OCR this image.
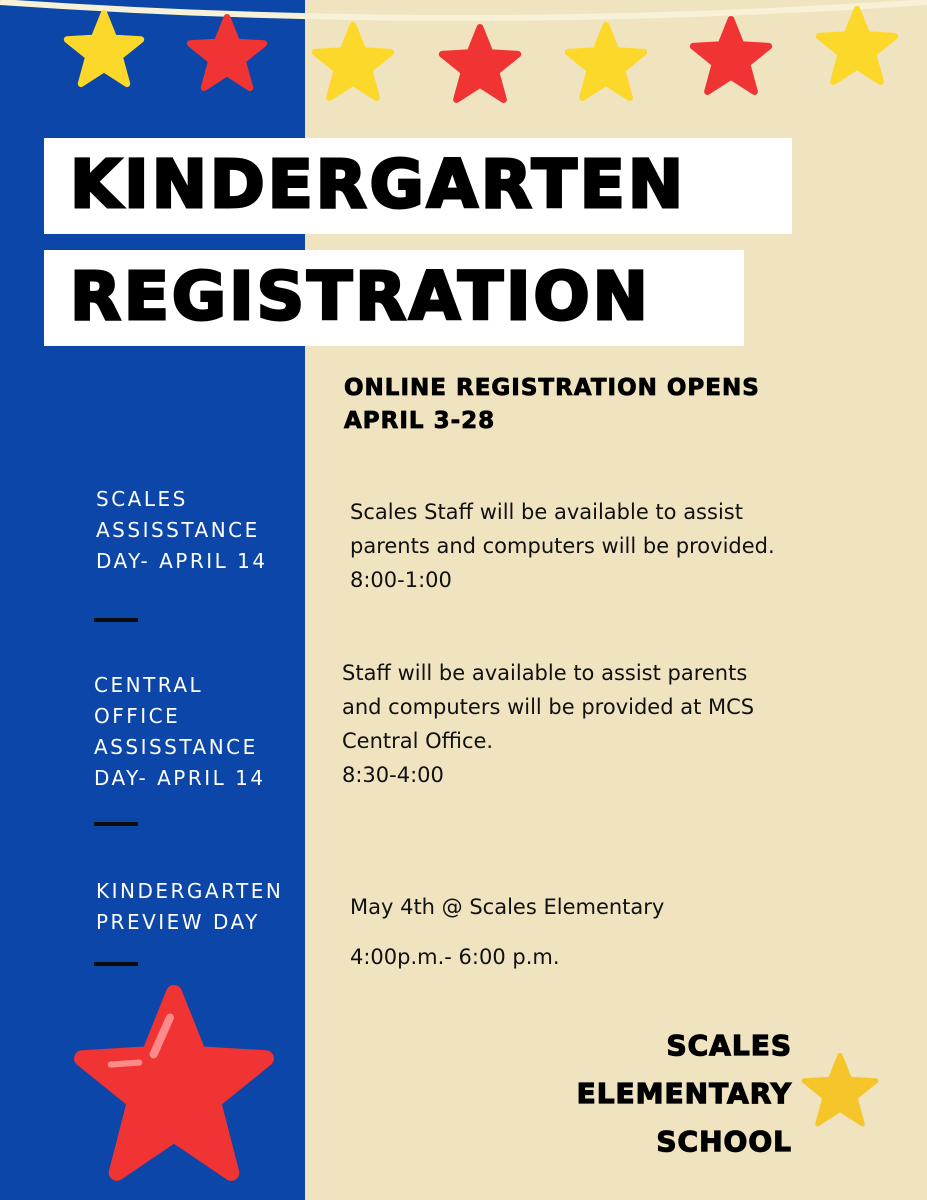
KINDERGARTEN
REGISTRATION
ONLINE REGISTRATION OPENS
APRIL 3-28
SCALES
ASSISSTANCE
DAY- APRIL 14
Scales Staff will be available to assist
parents and computers will be provided.
8:00-1:00
CENTRAL
OFFICE
ASSISSTANCE
DAY- APRIL 14
Staff will be available to assist parents
and computers will be provided at MCS
Central Office.
8:30-4:00
KINDERGARTEN
PREVIEW DAY
May 4th @ Scales Elementary
4:00p.m.- 6:00 p.m.
SCALES
ELEMENTARY
SCHOOL
